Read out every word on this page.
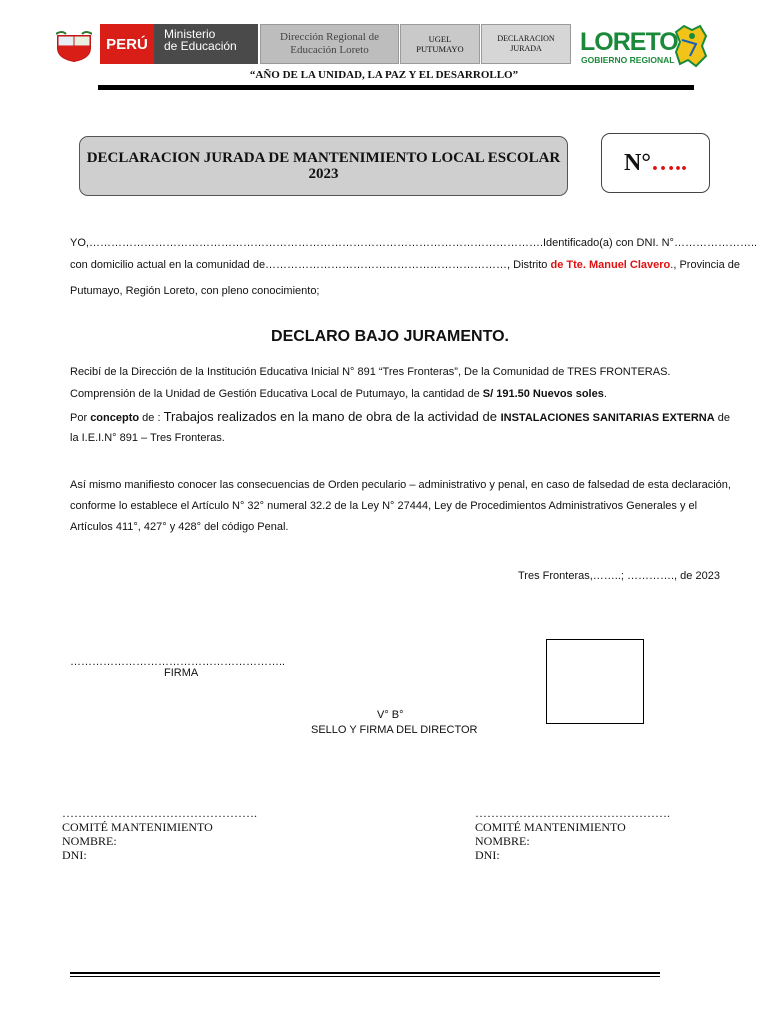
PERÚ
Ministerio
de Educación
Dirección Regional de
Educación Loreto
UGEL
PUTUMAYO
DECLARACION
JURADA	LORETO
GOBIERNO REGIONAL
“AÑO DE LA UNIDAD, LA PAZ Y EL DESARROLLO”
DECLARACION JURADA DE MANTENIMIENTO LOCAL ESCOLAR
2023	N° …..
YO,…………………………………………………………………………………………………………….Identificado(a) con DNI. N°…………………..
con domicilio actual en la comunidad de…………………………………………………………, Distrito de Tte. Manuel Clavero., Provincia de
Putumayo, Región Loreto, con pleno conocimiento;
DECLARO BAJO JURAMENTO.
Recibí de la Dirección de la Institución Educativa Inicial N° 891 “Tres Fronteras”, De la Comunidad de TRES FRONTERAS.
Comprensión de la Unidad de Gestión Educativa Local de Putumayo, la cantidad de S/ 191.50 Nuevos soles.
Por concepto de : Trabajos realizados en la mano de obra de la actividad de INSTALACIONES SANITARIAS EXTERNA de
la I.E.I.N° 891 – Tres Fronteras.
Así mismo manifiesto conocer las consecuencias de Orden peculario – administrativo y penal, en caso de falsedad de esta declaración,
conforme lo establece el Artículo N° 32° numeral 32.2 de la Ley N° 27444, Ley de Procedimientos Administrativos Generales y el
Artículos 411°, 427° y 428° del código Penal.
Tres Fronteras,……..; …………., de 2023
…………………………………………………..
FIRMA
V° B°
SELLO Y FIRMA DEL DIRECTOR
………………………………………….
COMITÉ MANTENIMIENTO
NOMBRE:
DNI:
………………………………………….
COMITÉ MANTENIMIENTO
NOMBRE:
DNI:
